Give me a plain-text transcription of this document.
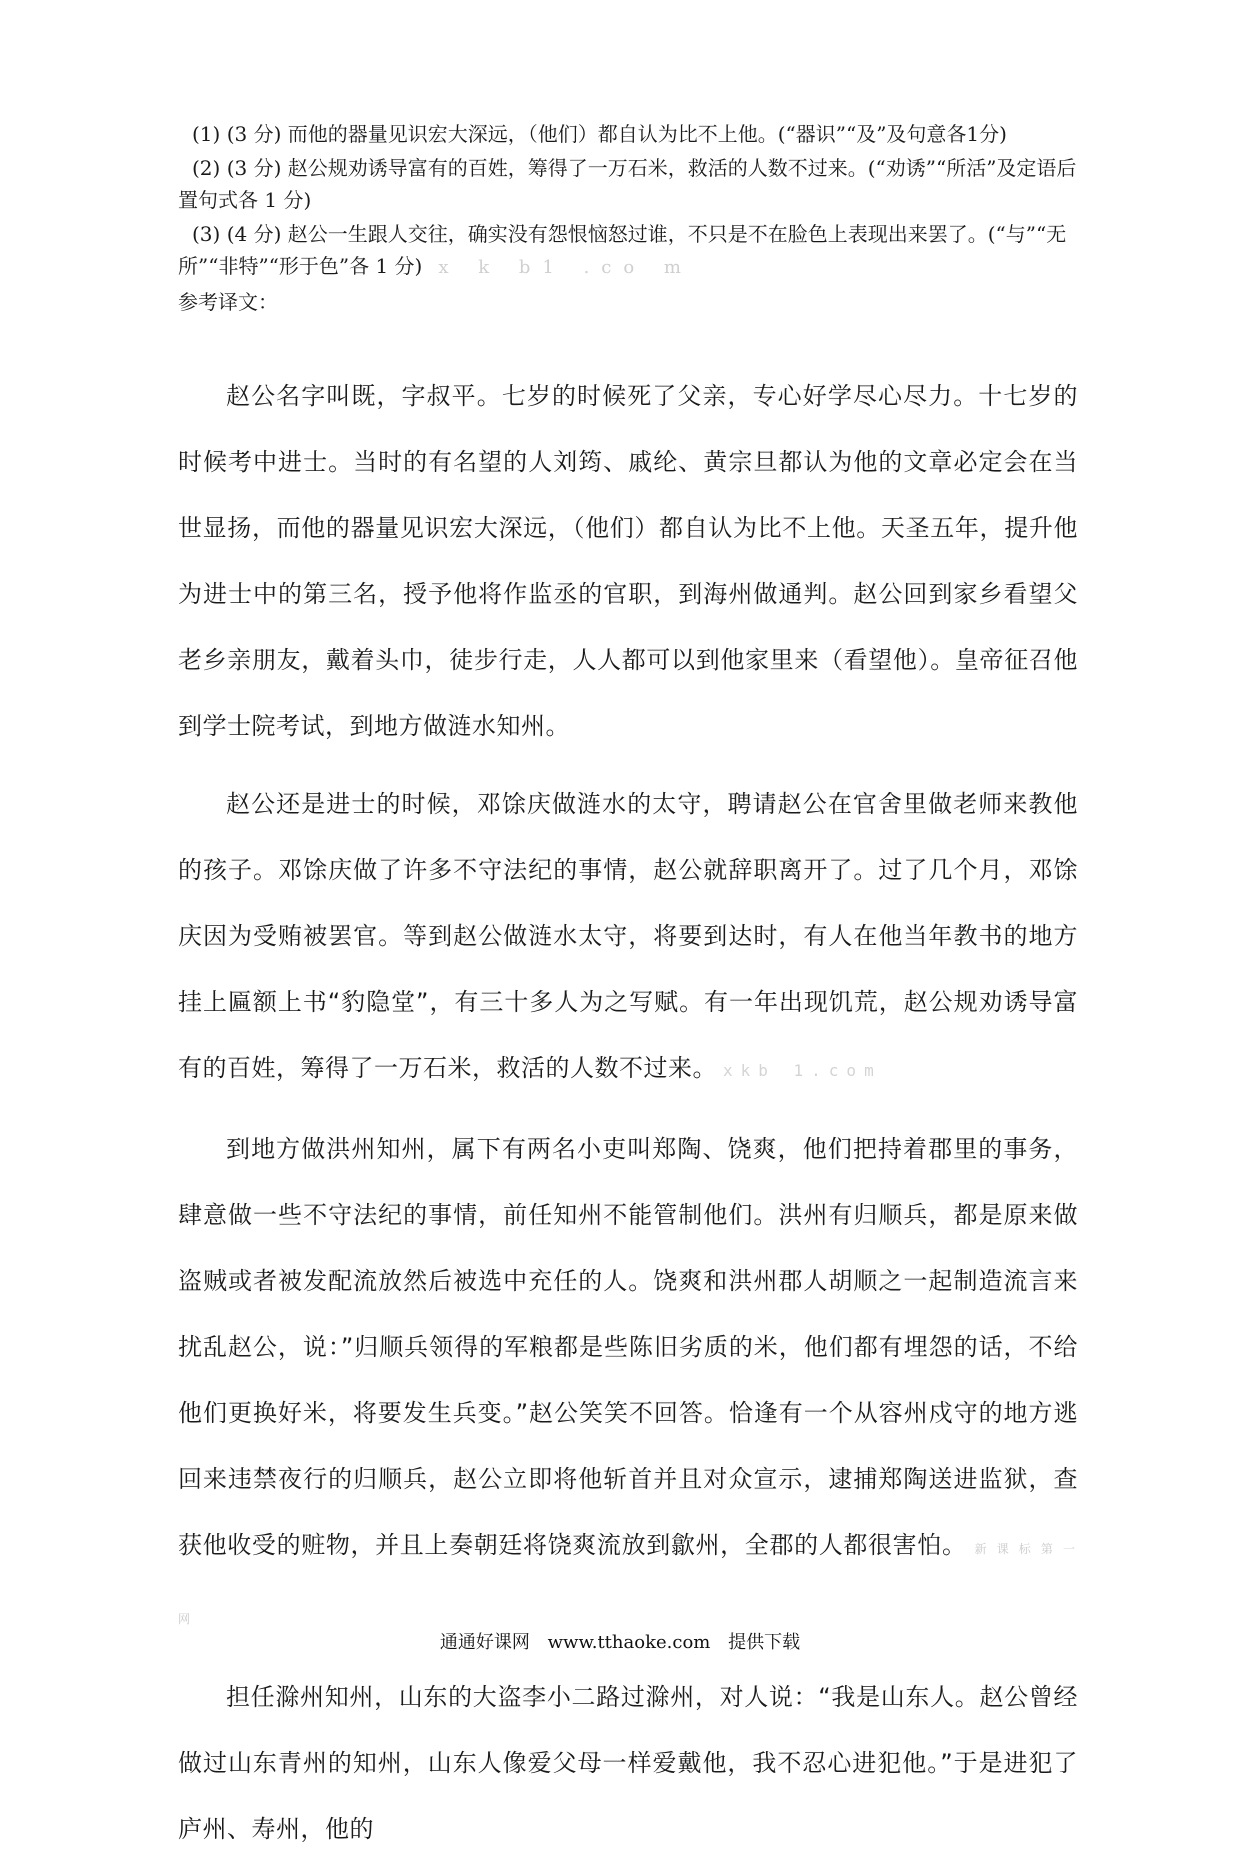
(1) (3 分) 而他的器量见识宏大深远，（他们）都自认为比不上他。(“器识”“及”及句意各1分)

(2) (3 分) 赵公规劝诱导富有的百姓，筹得了一万石米，救活的人数不过来。(“劝诱”“所活”及定语后置句式各 1 分)

(3) (4 分) 赵公一生跟人交往，确实没有怨恨恼怒过谁，不只是不在脸色上表现出来罢了。(“与”“无所”“非特”“形于色”各 1 分) x k b1 .co m

参考译文：

赵公名字叫既，字叔平。七岁的时候死了父亲，专心好学尽心尽力。十七岁的时候考中进士。当时的有名望的人刘筠、戚纶、黄宗旦都认为他的文章必定会在当世显扬，而他的器量见识宏大深远，（他们）都自认为比不上他。天圣五年，提升他为进士中的第三名，授予他将作监丞的官职，到海州做通判。赵公回到家乡看望父老乡亲朋友，戴着头巾，徒步行走，人人都可以到他家里来（看望他）。皇帝征召他到学士院考试，到地方做涟水知州。

赵公还是进士的时候，邓馀庆做涟水的太守，聘请赵公在官舍里做老师来教他的孩子。邓馀庆做了许多不守法纪的事情，赵公就辞职离开了。过了几个月，邓馀庆因为受贿被罢官。等到赵公做涟水太守，将要到达时，有人在他当年教书的地方挂上匾额上书“豹隐堂”，有三十多人为之写赋。有一年出现饥荒，赵公规劝诱导富有的百姓，筹得了一万石米，救活的人数不过来。 xkb 1.com

到地方做洪州知州，属下有两名小吏叫郑陶、饶爽，他们把持着郡里的事务，肆意做一些不守法纪的事情，前任知州不能管制他们。洪州有归顺兵，都是原来做盗贼或者被发配流放然后被选中充任的人。饶爽和洪州郡人胡顺之一起制造流言来扰乱赵公，说：”归顺兵领得的军粮都是些陈旧劣质的米，他们都有埋怨的话，不给他们更换好米，将要发生兵变。”赵公笑笑不回答。恰逢有一个从容州戍守的地方逃回来违禁夜行的归顺兵，赵公立即将他斩首并且对众宣示，逮捕郑陶送进监狱，查获他收受的赃物，并且上奏朝廷将饶爽流放到歙州，全郡的人都很害怕。 新 课 标 第 一 网

担任滁州知州，山东的大盗李小二路过滁州，对人说：“我是山东人。赵公曾经做过山东青州的知州，山东人像爱父母一样爱戴他，我不忍心进犯他。”于是进犯了庐州、寿州，他的

通通好课网 www.tthaoke.com 提供下载
